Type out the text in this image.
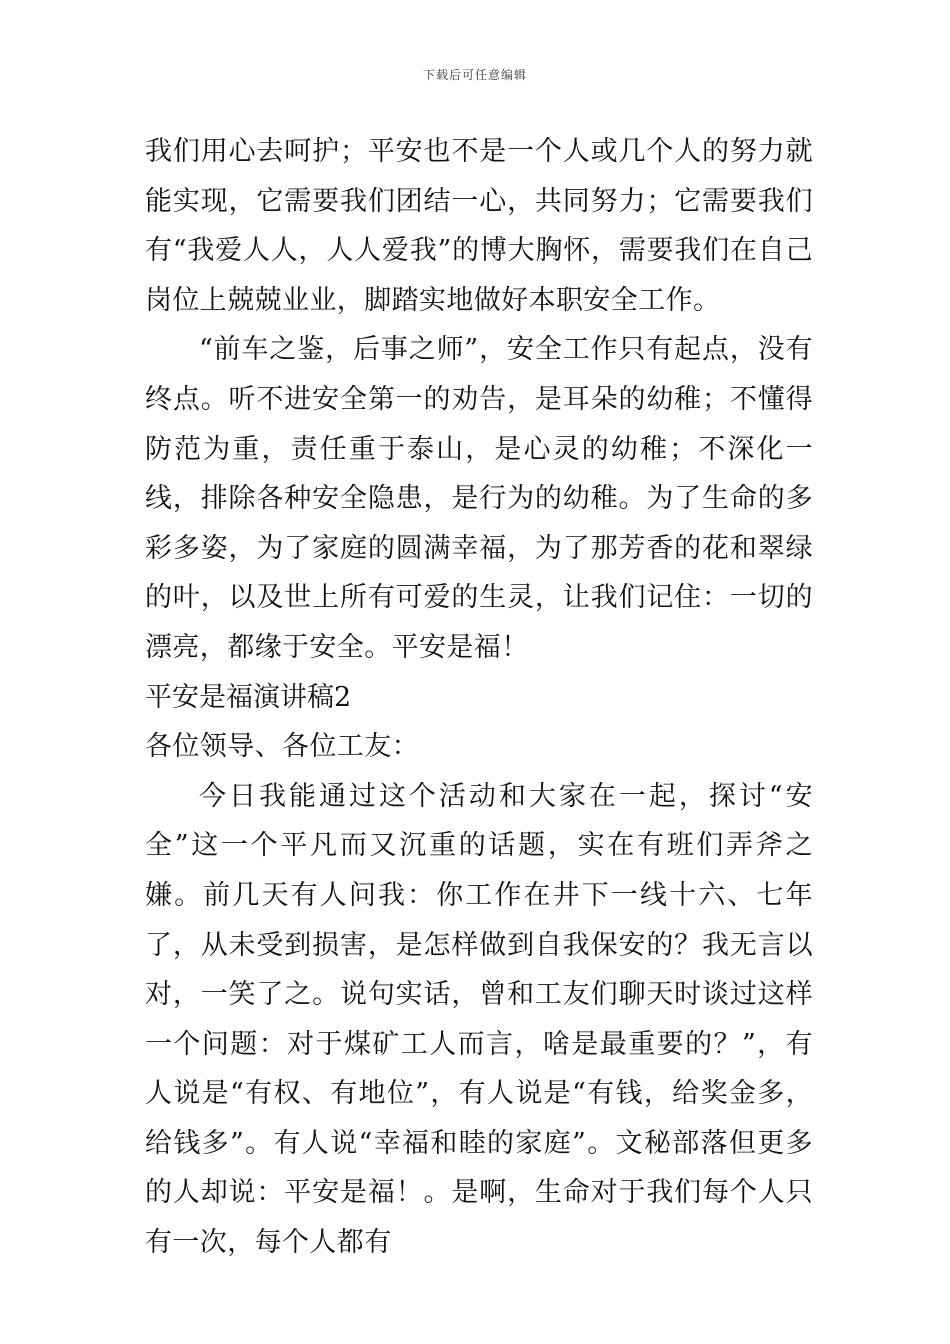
下载后可任意编辑

我们用心去呵护；平安也不是一个人或几个人的努力就能实现，它需要我们团结一心，共同努力；它需要我们有“我爱人人，人人爱我”的博大胸怀，需要我们在自己岗位上兢兢业业，脚踏实地做好本职安全工作。

“前车之鉴，后事之师”，安全工作只有起点，没有终点。听不进安全第一的劝告，是耳朵的幼稚；不懂得防范为重，责任重于泰山，是心灵的幼稚；不深化一线，排除各种安全隐患，是行为的幼稚。为了生命的多彩多姿，为了家庭的圆满幸福，为了那芳香的花和翠绿的叶，以及世上所有可爱的生灵，让我们记住：一切的漂亮，都缘于安全。平安是福！

平安是福演讲稿2

各位领导、各位工友：

今日我能通过这个活动和大家在一起，探讨“安全”这一个平凡而又沉重的话题，实在有班们弄斧之嫌。前几天有人问我：你工作在井下一线十六、七年了，从未受到损害，是怎样做到自我保安的？我无言以对，一笑了之。说句实话，曾和工友们聊天时谈过这样一个问题：对于煤矿工人而言，啥是最重要的？”，有人说是“有权、有地位”，有人说是“有钱，给奖金多，给钱多”。有人说“幸福和睦的家庭”。文秘部落但更多的人却说：平安是福！。是啊，生命对于我们每个人只有一次，每个人都有
